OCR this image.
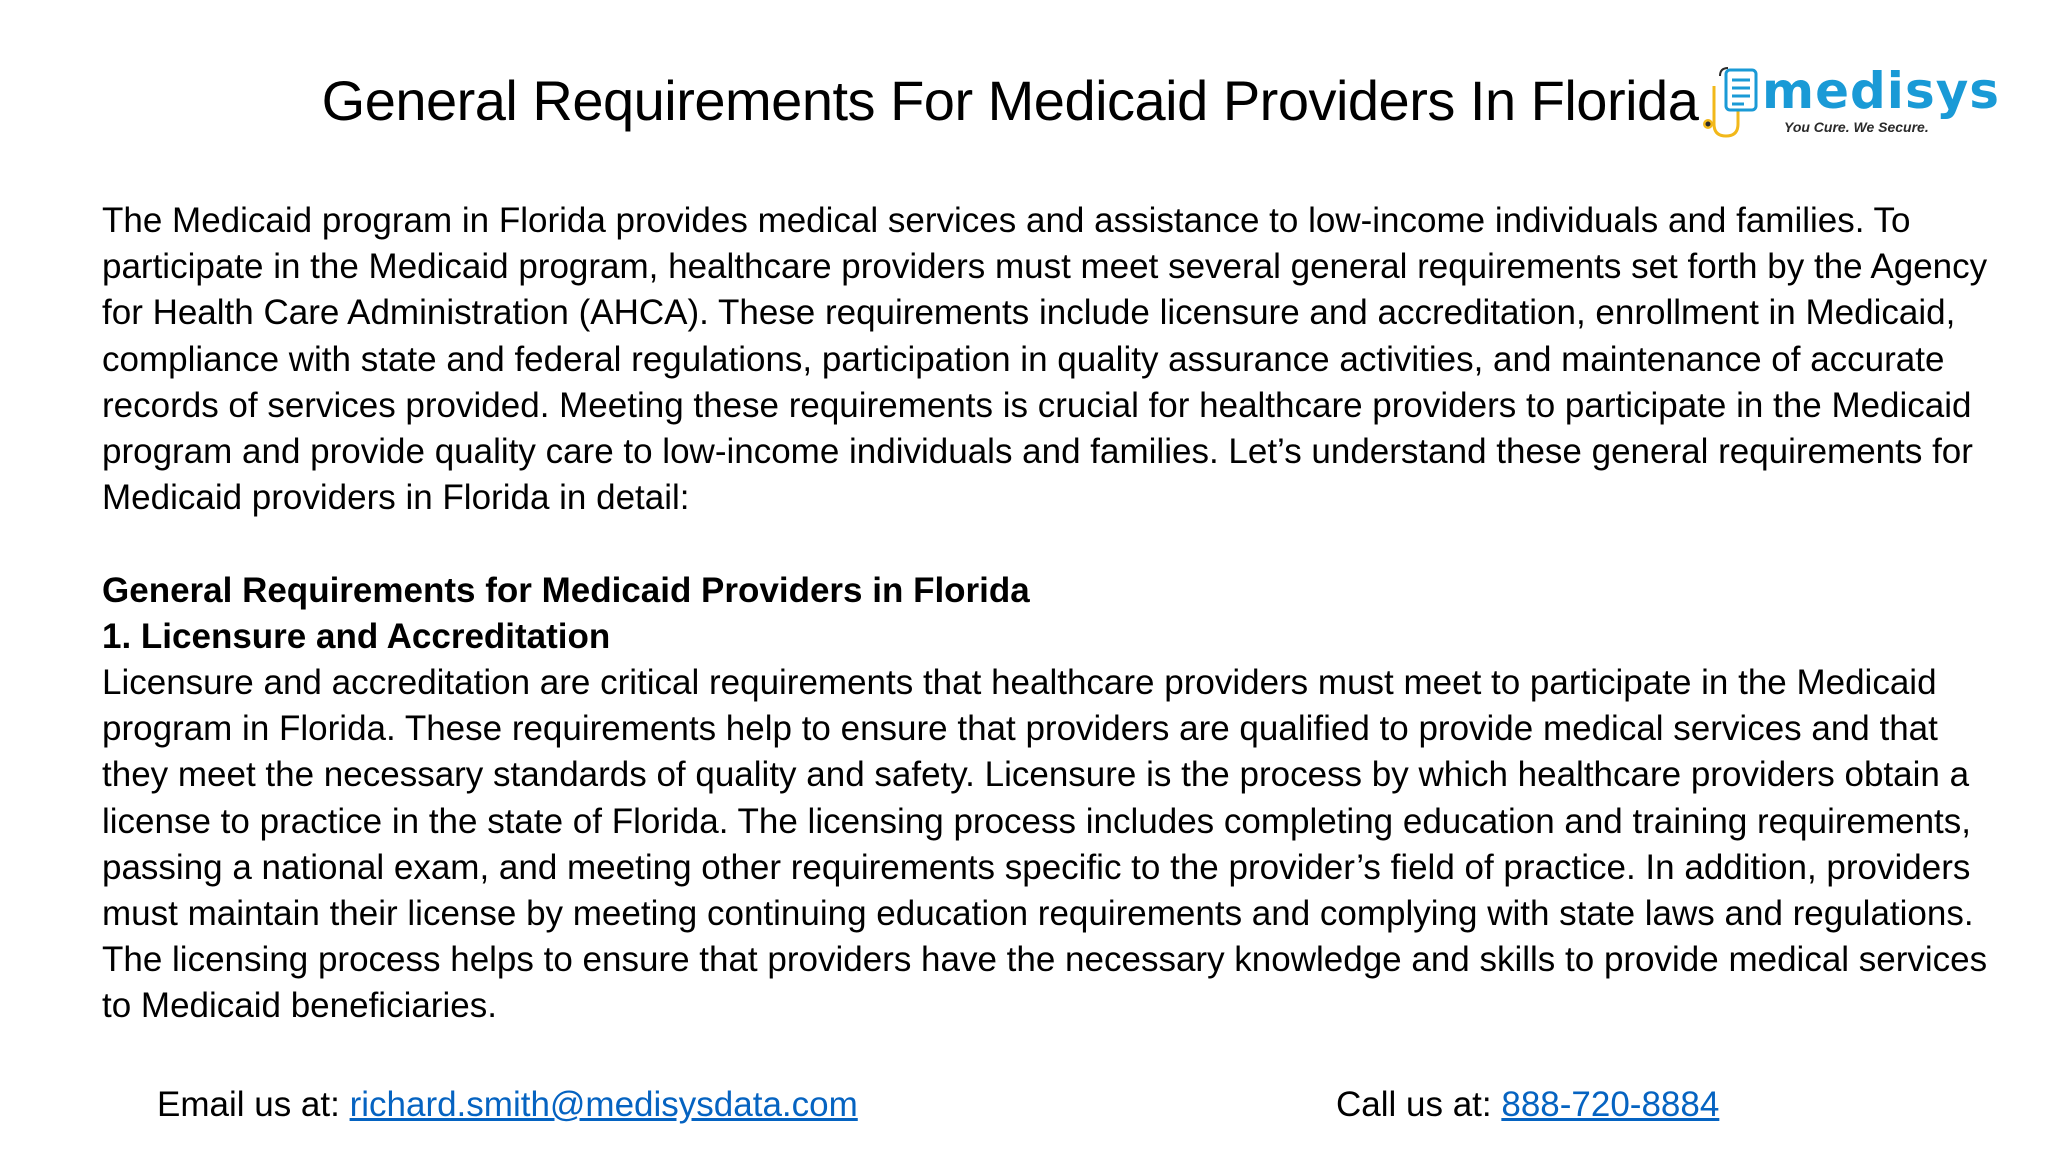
General Requirements For Medicaid Providers In Florida	medisys
You Cure. We Secure.

The Medicaid program in Florida provides medical services and assistance to low-income individuals and families. To participate in the Medicaid program, healthcare providers must meet several general requirements set forth by the Agency for Health Care Administration (AHCA). These requirements include licensure and accreditation, enrollment in Medicaid, compliance with state and federal regulations, participation in quality assurance activities, and maintenance of accurate records of services provided. Meeting these requirements is crucial for healthcare providers to participate in the Medicaid program and provide quality care to low-income individuals and families. Let’s understand these general requirements for Medicaid providers in Florida in detail:

General Requirements for Medicaid Providers in Florida

1. Licensure and Accreditation

Licensure and accreditation are critical requirements that healthcare providers must meet to participate in the Medicaid program in Florida. These requirements help to ensure that providers are qualified to provide medical services and that they meet the necessary standards of quality and safety. Licensure is the process by which healthcare providers obtain a license to practice in the state of Florida. The licensing process includes completing education and training requirements, passing a national exam, and meeting other requirements specific to the provider’s field of practice. In addition, providers must maintain their license by meeting continuing education requirements and complying with state laws and regulations. The licensing process helps to ensure that providers have the necessary knowledge and skills to provide medical services to Medicaid beneficiaries.

Email us at: richard.smith@medisysdata.com	Call us at: 888-720-8884
